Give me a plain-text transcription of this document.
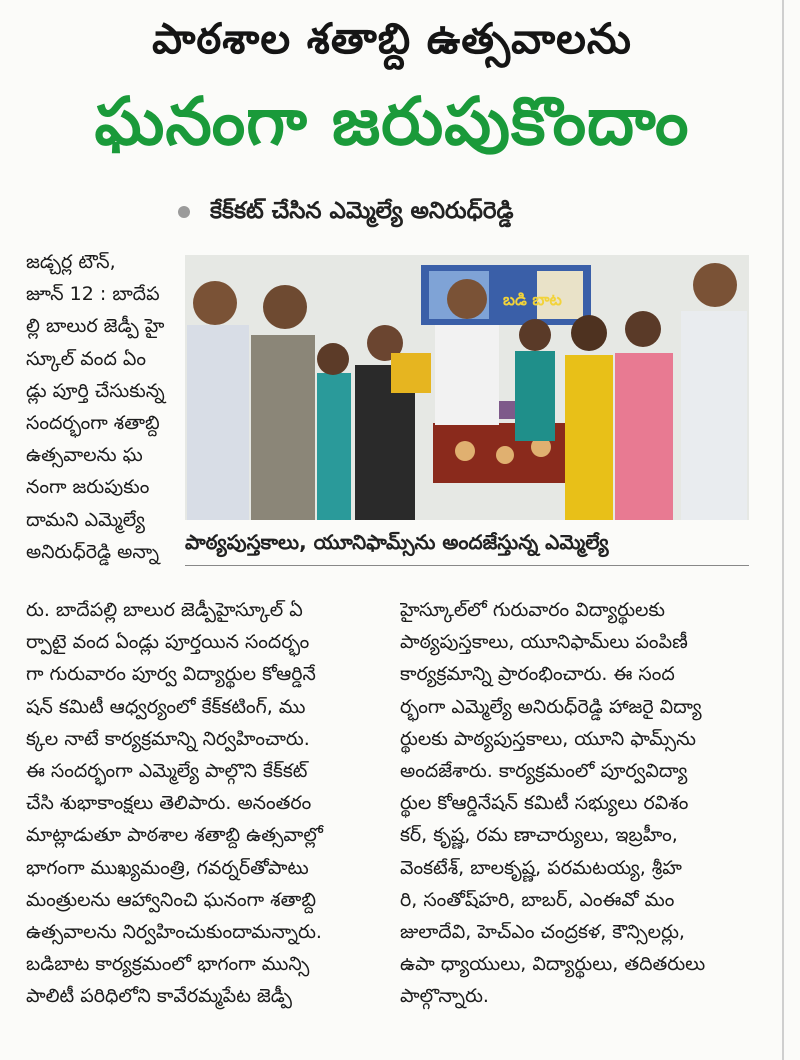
పాఠశాల శతాబ్ది ఉత్సవాలను
ఘనంగా జరుపుకొందాం
కేక్‌కట్ చేసిన ఎమ్మెల్యే అనిరుధ్‌రెడ్డి
బడి బాట
పాఠ్యపుస్తకాలు, యూనిఫామ్స్‌ను అందజేస్తున్న ఎమ్మెల్యే
జడ్చర్ల టౌన్,
జూన్ 12 : బాదేప
ల్లి బాలుర జెడ్పీ హై
స్కూల్ వంద ఏం
డ్లు పూర్తి చేసుకున్న
సందర్భంగా శతాబ్ది
ఉత్సవాలను ఘ
నంగా జరుపుకుం
దామని ఎమ్మెల్యే
అనిరుధ్‌రెడ్డి అన్నా
రు. బాదేపల్లి బాలుర జెడ్పీహైస్కూల్ ఏ
ర్పాటై వంద ఏండ్లు పూర్తయిన సందర్భం
గా గురువారం పూర్వ విద్యార్థుల కోఆర్డినే
షన్ కమిటీ ఆధ్వర్యంలో కేక్‌కటింగ్, ము
క్కల నాటే కార్యక్రమాన్ని నిర్వహించారు.
ఈ సందర్భంగా ఎమ్మెల్యే పాల్గొని కేక్‌కట్
చేసి శుభాకాంక్షలు తెలిపారు. అనంతరం
మాట్లాడుతూ పాఠశాల శతాబ్ది ఉత్సవాల్లో
భాగంగా ముఖ్యమంత్రి, గవర్నర్‌తోపాటు
మంత్రులను ఆహ్వానించి ఘనంగా శతాబ్ది
ఉత్సవాలను నిర్వహించుకుందామన్నారు.
బడిబాట కార్యక్రమంలో భాగంగా మున్సి
పాలిటీ పరిధిలోని కావేరమ్మపేట జెడ్పీ
హైస్కూల్‌లో గురువారం విద్యార్థులకు
పాఠ్యపుస్తకాలు, యూనిఫామ్‌లు పంపిణీ
కార్యక్రమాన్ని ప్రారంభించారు. ఈ సంద
ర్భంగా ఎమ్మెల్యే అనిరుధ్‌రెడ్డి హాజరై విద్యా
ర్థులకు పాఠ్యపుస్తకాలు, యూని ఫామ్స్‌ను
అందజేశారు. కార్యక్రమంలో పూర్వవిద్యా
ర్థుల కోఆర్డినేషన్ కమిటీ సభ్యులు రవిశం
కర్, కృష్ణ, రమ ణాచార్యులు, ఇబ్రహీం,
వెంకటేశ్, బాలకృష్ణ, పరమటయ్య, శ్రీహ
రి, సంతోష్‌హరి, బాబర్, ఎంఈవో మం
జులాదేవి, హెచ్‌ఎం చంద్రకళ, కౌన్సిలర్లు,
ఉపా ధ్యాయులు, విద్యార్థులు, తదితరులు
పాల్గొన్నారు.
